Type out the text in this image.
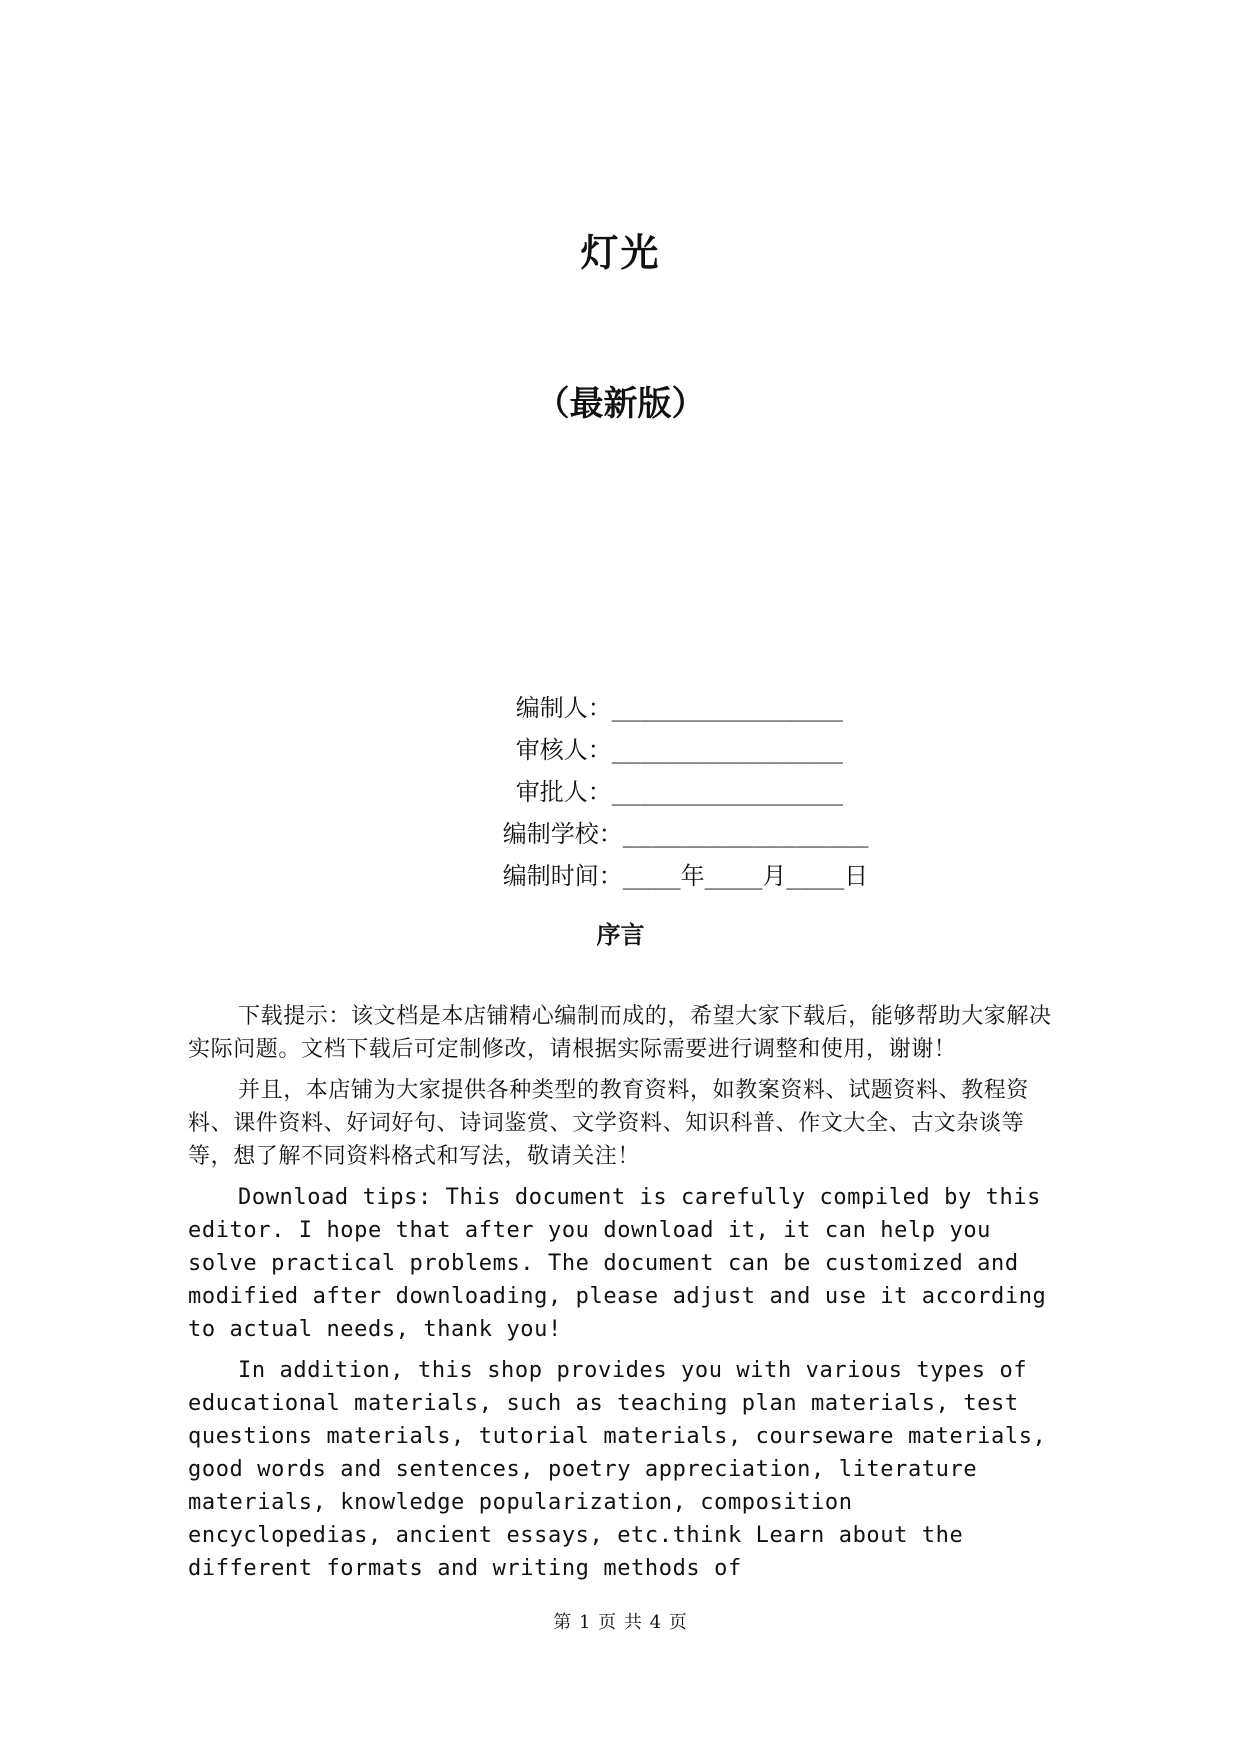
灯光
（最新版）

编制人：________________

审核人：________________

审批人：________________

编制学校：_________________

编制时间：____年____月____日

序言

下载提示：该文档是本店铺精心编制而成的，希望大家下载后，能够帮助大家解决实际问题。文档下载后可定制修改，请根据实际需要进行调整和使用，谢谢！

并且，本店铺为大家提供各种类型的教育资料，如教案资料、试题资料、教程资料、课件资料、好词好句、诗词鉴赏、文学资料、知识科普、作文大全、古文杂谈等等，想了解不同资料格式和写法，敬请关注！

Download tips: This document is carefully compiled by this editor. I hope that after you download it, it can help you solve practical problems. The document can be customized and modified after downloading, please adjust and use it according to actual needs, thank you!

In addition, this shop provides you with various types of educational materials, such as teaching plan materials, test questions materials, tutorial materials, courseware materials, good words and sentences, poetry appreciation, literature materials, knowledge popularization, composition encyclopedias, ancient essays, etc.think Learn about the different formats and writing methods of

第 1 页 共 4 页
